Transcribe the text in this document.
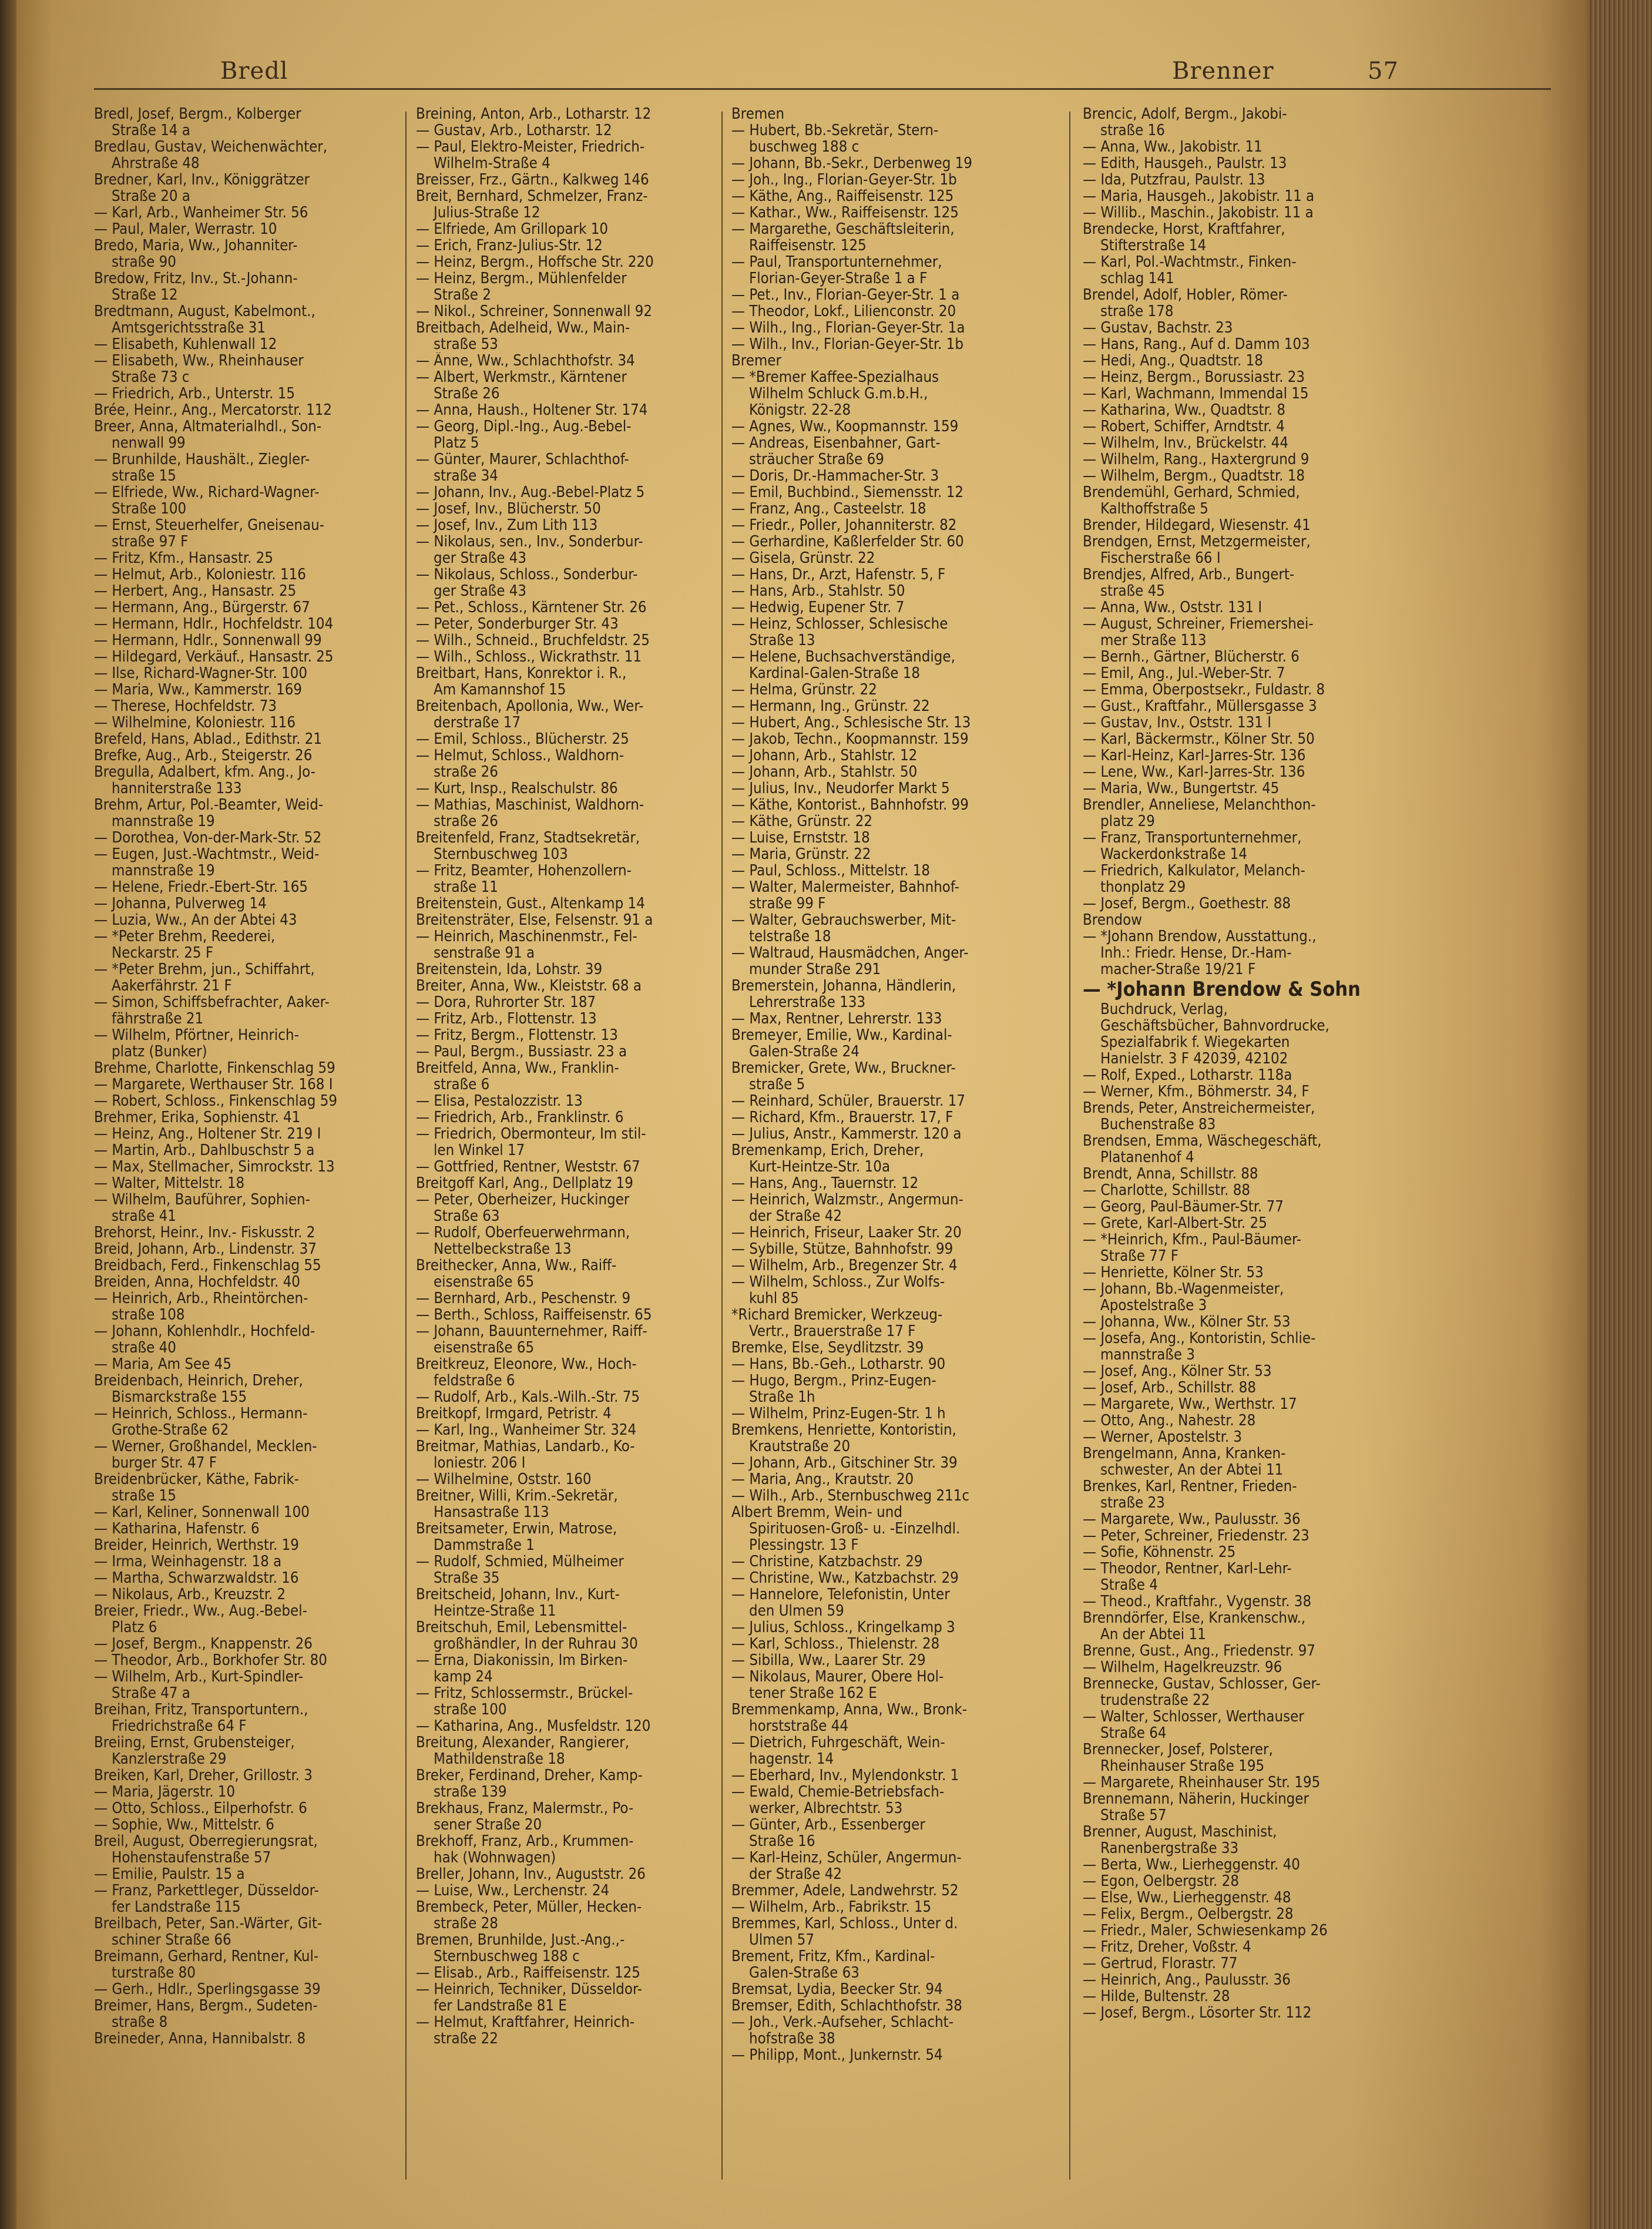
Bredl	Brenner	57
Bredl, Josef, Bergm., Kolberger
Straße 14 a
Bredlau, Gustav, Weichenwächter,
Ahrstraße 48
Bredner, Karl, Inv., Königgrätzer
Straße 20 a
— Karl, Arb., Wanheimer Str. 56
— Paul, Maler, Werrastr. 10
Bredo, Maria, Ww., Johanniter-
straße 90
Bredow, Fritz, Inv., St.-Johann-
Straße 12
Bredtmann, August, Kabelmont.,
Amtsgerichtsstraße 31
— Elisabeth, Kuhlenwall 12
— Elisabeth, Ww., Rheinhauser
Straße 73 c
— Friedrich, Arb., Unterstr. 15
Brée, Heinr., Ang., Mercatorstr. 112
Breer, Anna, Altmaterialhdl., Son-
nenwall 99
— Brunhilde, Haushält., Ziegler-
straße 15
— Elfriede, Ww., Richard-Wagner-
Straße 100
— Ernst, Steuerhelfer, Gneisenau-
straße 97 F
— Fritz, Kfm., Hansastr. 25
— Helmut, Arb., Koloniestr. 116
— Herbert, Ang., Hansastr. 25
— Hermann, Ang., Bürgerstr. 67
— Hermann, Hdlr., Hochfeldstr. 104
— Hermann, Hdlr., Sonnenwall 99
— Hildegard, Verkäuf., Hansastr. 25
— Ilse, Richard-Wagner-Str. 100
— Maria, Ww., Kammerstr. 169
— Therese, Hochfeldstr. 73
— Wilhelmine, Koloniestr. 116
Brefeld, Hans, Ablad., Edithstr. 21
Brefke, Aug., Arb., Steigerstr. 26
Bregulla, Adalbert, kfm. Ang., Jo-
hanniterstraße 133
Brehm, Artur, Pol.-Beamter, Weid-
mannstraße 19
— Dorothea, Von-der-Mark-Str. 52
— Eugen, Just.-Wachtmstr., Weid-
mannstraße 19
— Helene, Friedr.-Ebert-Str. 165
— Johanna, Pulverweg 14
— Luzia, Ww., An der Abtei 43
— *Peter Brehm, Reederei,
Neckarstr. 25 F
— *Peter Brehm, jun., Schiffahrt,
Aakerfährstr. 21 F
— Simon, Schiffsbefrachter, Aaker-
fährstraße 21
— Wilhelm, Pförtner, Heinrich-
platz (Bunker)
Brehme, Charlotte, Finkenschlag 59
— Margarete, Werthauser Str. 168 I
— Robert, Schloss., Finkenschlag 59
Brehmer, Erika, Sophienstr. 41
— Heinz, Ang., Holtener Str. 219 I
— Martin, Arb., Dahlbuschstr 5 a
— Max, Stellmacher, Simrockstr. 13
— Walter, Mittelstr. 18
— Wilhelm, Bauführer, Sophien-
straße 41
Brehorst, Heinr., Inv.- Fiskusstr. 2
Breid, Johann, Arb., Lindenstr. 37
Breidbach, Ferd., Finkenschlag 55
Breiden, Anna, Hochfeldstr. 40
— Heinrich, Arb., Rheintörchen-
straße 108
— Johann, Kohlenhdlr., Hochfeld-
straße 40
— Maria, Am See 45
Breidenbach, Heinrich, Dreher,
Bismarckstraße 155
— Heinrich, Schloss., Hermann-
Grothe-Straße 62
— Werner, Großhandel, Mecklen-
burger Str. 47 F
Breidenbrücker, Käthe, Fabrik-
straße 15
— Karl, Keliner, Sonnenwall 100
— Katharina, Hafenstr. 6
Breider, Heinrich, Werthstr. 19
— Irma, Weinhagenstr. 18 a
— Martha, Schwarzwaldstr. 16
— Nikolaus, Arb., Kreuzstr. 2
Breier, Friedr., Ww., Aug.-Bebel-
Platz 6
— Josef, Bergm., Knappenstr. 26
— Theodor, Arb., Borkhofer Str. 80
— Wilhelm, Arb., Kurt-Spindler-
Straße 47 a
Breihan, Fritz, Transportuntern.,
Friedrichstraße 64 F
Breiing, Ernst, Grubensteiger,
Kanzlerstraße 29
Breiken, Karl, Dreher, Grillostr. 3
— Maria, Jägerstr. 10
— Otto, Schloss., Eilperhofstr. 6
— Sophie, Ww., Mittelstr. 6
Breil, August, Oberregierungsrat,
Hohenstaufenstraße 57
— Emilie, Paulstr. 15 a
— Franz, Parkettleger, Düsseldor-
fer Landstraße 115
Breilbach, Peter, San.-Wärter, Git-
schiner Straße 66
Breimann, Gerhard, Rentner, Kul-
turstraße 80
— Gerh., Hdlr., Sperlingsgasse 39
Breimer, Hans, Bergm., Sudeten-
straße 8
Breineder, Anna, Hannibalstr. 8
Breining, Anton, Arb., Lotharstr. 12
— Gustav, Arb., Lotharstr. 12
— Paul, Elektro-Meister, Friedrich-
Wilhelm-Straße 4
Breisser, Frz., Gärtn., Kalkweg 146
Breit, Bernhard, Schmelzer, Franz-
Julius-Straße 12
— Elfriede, Am Grillopark 10
— Erich, Franz-Julius-Str. 12
— Heinz, Bergm., Hoffsche Str. 220
— Heinz, Bergm., Mühlenfelder
Straße 2
— Nikol., Schreiner, Sonnenwall 92
Breitbach, Adelheid, Ww., Main-
straße 53
— Änne, Ww., Schlachthofstr. 34
— Albert, Werkmstr., Kärntener
Straße 26
— Anna, Haush., Holtener Str. 174
— Georg, Dipl.-Ing., Aug.-Bebel-
Platz 5
— Günter, Maurer, Schlachthof-
straße 34
— Johann, Inv., Aug.-Bebel-Platz 5
— Josef, Inv., Blücherstr. 50
— Josef, Inv., Zum Lith 113
— Nikolaus, sen., Inv., Sonderbur-
ger Straße 43
— Nikolaus, Schloss., Sonderbur-
ger Straße 43
— Pet., Schloss., Kärntener Str. 26
— Peter, Sonderburger Str. 43
— Wilh., Schneid., Bruchfeldstr. 25
— Wilh., Schloss., Wickrathstr. 11
Breitbart, Hans, Konrektor i. R.,
Am Kamannshof 15
Breitenbach, Apollonia, Ww., Wer-
derstraße 17
— Emil, Schloss., Blücherstr. 25
— Helmut, Schloss., Waldhorn-
straße 26
— Kurt, Insp., Realschulstr. 86
— Mathias, Maschinist, Waldhorn-
straße 26
Breitenfeld, Franz, Stadtsekretär,
Sternbuschweg 103
— Fritz, Beamter, Hohenzollern-
straße 11
Breitenstein, Gust., Altenkamp 14
Breitensträter, Else, Felsenstr. 91 a
— Heinrich, Maschinenmstr., Fel-
senstraße 91 a
Breitenstein, Ida, Lohstr. 39
Breiter, Anna, Ww., Kleiststr. 68 a
— Dora, Ruhrorter Str. 187
— Fritz, Arb., Flottenstr. 13
— Fritz, Bergm., Flottenstr. 13
— Paul, Bergm., Bussiastr. 23 a
Breitfeld, Anna, Ww., Franklin-
straße 6
— Elisa, Pestalozzistr. 13
— Friedrich, Arb., Franklinstr. 6
— Friedrich, Obermonteur, Im stil-
len Winkel 17
— Gottfried, Rentner, Weststr. 67
Breitgoff Karl, Ang., Dellplatz 19
— Peter, Oberheizer, Huckinger
Straße 63
— Rudolf, Oberfeuerwehrmann,
Nettelbeckstraße 13
Breithecker, Anna, Ww., Raiff-
eisenstraße 65
— Bernhard, Arb., Peschenstr. 9
— Berth., Schloss, Raiffeisenstr. 65
— Johann, Bauunternehmer, Raiff-
eisenstraße 65
Breitkreuz, Eleonore, Ww., Hoch-
feldstraße 6
— Rudolf, Arb., Kals.-Wilh.-Str. 75
Breitkopf, Irmgard, Petristr. 4
— Karl, Ing., Wanheimer Str. 324
Breitmar, Mathias, Landarb., Ko-
loniestr. 206 I
— Wilhelmine, Oststr. 160
Breitner, Willi, Krim.-Sekretär,
Hansastraße 113
Breitsameter, Erwin, Matrose,
Dammstraße 1
— Rudolf, Schmied, Mülheimer
Straße 35
Breitscheid, Johann, Inv., Kurt-
Heintze-Straße 11
Breitschuh, Emil, Lebensmittel-
großhändler, In der Ruhrau 30
— Erna, Diakonissin, Im Birken-
kamp 24
— Fritz, Schlossermstr., Brückel-
straße 100
— Katharina, Ang., Musfeldstr. 120
Breitung, Alexander, Rangierer,
Mathildenstraße 18
Breker, Ferdinand, Dreher, Kamp-
straße 139
Brekhaus, Franz, Malermstr., Po-
sener Straße 20
Brekhoff, Franz, Arb., Krummen-
hak (Wohnwagen)
Breller, Johann, Inv., Auguststr. 26
— Luise, Ww., Lerchenstr. 24
Brembeck, Peter, Müller, Hecken-
straße 28
Bremen, Brunhilde, Just.-Ang.,-
Sternbuschweg 188 c
— Elisab., Arb., Raiffeisenstr. 125
— Heinrich, Techniker, Düsseldor-
fer Landstraße 81 E
— Helmut, Kraftfahrer, Heinrich-
straße 22
Bremen
— Hubert, Bb.-Sekretär, Stern-
buschweg 188 c
— Johann, Bb.-Sekr., Derbenweg 19
— Joh., Ing., Florian-Geyer-Str. 1b
— Käthe, Ang., Raiffeisenstr. 125
— Kathar., Ww., Raiffeisenstr. 125
— Margarethe, Geschäftsleiterin,
Raiffeisenstr. 125
— Paul, Transportunternehmer,
Florian-Geyer-Straße 1 a F
— Pet., Inv., Florian-Geyer-Str. 1 a
— Theodor, Lokf., Lilienconstr. 20
— Wilh., Ing., Florian-Geyer-Str. 1a
— Wilh., Inv., Florian-Geyer-Str. 1b
Bremer
— *Bremer Kaffee-Spezialhaus
Wilhelm Schluck G.m.b.H.,
Königstr. 22-28
— Agnes, Ww., Koopmannstr. 159
— Andreas, Eisenbahner, Gart-
sträucher Straße 69
— Doris, Dr.-Hammacher-Str. 3
— Emil, Buchbind., Siemensstr. 12
— Franz, Ang., Casteelstr. 18
— Friedr., Poller, Johanniterstr. 82
— Gerhardine, Kaßlerfelder Str. 60
— Gisela, Grünstr. 22
— Hans, Dr., Arzt, Hafenstr. 5, F
— Hans, Arb., Stahlstr. 50
— Hedwig, Eupener Str. 7
— Heinz, Schlosser, Schlesische
Straße 13
— Helene, Buchsachverständige,
Kardinal-Galen-Straße 18
— Helma, Grünstr. 22
— Hermann, Ing., Grünstr. 22
— Hubert, Ang., Schlesische Str. 13
— Jakob, Techn., Koopmannstr. 159
— Johann, Arb., Stahlstr. 12
— Johann, Arb., Stahlstr. 50
— Julius, Inv., Neudorfer Markt 5
— Käthe, Kontorist., Bahnhofstr. 99
— Käthe, Grünstr. 22
— Luise, Ernststr. 18
— Maria, Grünstr. 22
— Paul, Schloss., Mittelstr. 18
— Walter, Malermeister, Bahnhof-
straße 99 F
— Walter, Gebrauchswerber, Mit-
telstraße 18
— Waltraud, Hausmädchen, Anger-
munder Straße 291
Bremerstein, Johanna, Händlerin,
Lehrerstraße 133
— Max, Rentner, Lehrerstr. 133
Bremeyer, Emilie, Ww., Kardinal-
Galen-Straße 24
Bremicker, Grete, Ww., Bruckner-
straße 5
— Reinhard, Schüler, Brauerstr. 17
— Richard, Kfm., Brauerstr. 17, F
— Julius, Anstr., Kammerstr. 120 a
Bremenkamp, Erich, Dreher,
Kurt-Heintze-Str. 10a
— Hans, Ang., Tauernstr. 12
— Heinrich, Walzmstr., Angermun-
der Straße 42
— Heinrich, Friseur, Laaker Str. 20
— Sybille, Stütze, Bahnhofstr. 99
— Wilhelm, Arb., Bregenzer Str. 4
— Wilhelm, Schloss., Zur Wolfs-
kuhl 85
*Richard Bremicker, Werkzeug-
Vertr., Brauerstraße 17 F
Bremke, Else, Seydlitzstr. 39
— Hans, Bb.-Geh., Lotharstr. 90
— Hugo, Bergm., Prinz-Eugen-
Straße 1h
— Wilhelm, Prinz-Eugen-Str. 1 h
Bremkens, Henriette, Kontoristin,
Krautstraße 20
— Johann, Arb., Gitschiner Str. 39
— Maria, Ang., Krautstr. 20
— Wilh., Arb., Sternbuschweg 211c
Albert Bremm, Wein- und
Spirituosen-Groß- u. -Einzelhdl.
Plessingstr. 13 F
— Christine, Katzbachstr. 29
— Christine, Ww., Katzbachstr. 29
— Hannelore, Telefonistin, Unter
den Ulmen 59
— Julius, Schloss., Kringelkamp 3
— Karl, Schloss., Thielenstr. 28
— Sibilla, Ww., Laarer Str. 29
— Nikolaus, Maurer, Obere Hol-
tener Straße 162 E
Bremmenkamp, Anna, Ww., Bronk-
horststraße 44
— Dietrich, Fuhrgeschäft, Wein-
hagenstr. 14
— Eberhard, Inv., Mylendonkstr. 1
— Ewald, Chemie-Betriebsfach-
werker, Albrechtstr. 53
— Günter, Arb., Essenberger
Straße 16
— Karl-Heinz, Schüler, Angermun-
der Straße 42
Bremmer, Adele, Landwehrstr. 52
— Wilhelm, Arb., Fabrikstr. 15
Bremmes, Karl, Schloss., Unter d.
Ulmen 57
Brement, Fritz, Kfm., Kardinal-
Galen-Straße 63
Bremsat, Lydia, Beecker Str. 94
Bremser, Edith, Schlachthofstr. 38
— Joh., Verk.-Aufseher, Schlacht-
hofstraße 38
— Philipp, Mont., Junkernstr. 54
Brencic, Adolf, Bergm., Jakobi-
straße 16
— Anna, Ww., Jakobistr. 11
— Edith, Hausgeh., Paulstr. 13
— Ida, Putzfrau, Paulstr. 13
— Maria, Hausgeh., Jakobistr. 11 a
— Willib., Maschin., Jakobistr. 11 a
Brendecke, Horst, Kraftfahrer,
Stifterstraße 14
— Karl, Pol.-Wachtmstr., Finken-
schlag 141
Brendel, Adolf, Hobler, Römer-
straße 178
— Gustav, Bachstr. 23
— Hans, Rang., Auf d. Damm 103
— Hedi, Ang., Quadtstr. 18
— Heinz, Bergm., Borussiastr. 23
— Karl, Wachmann, Immendal 15
— Katharina, Ww., Quadtstr. 8
— Robert, Schiffer, Arndtstr. 4
— Wilhelm, Inv., Brückelstr. 44
— Wilhelm, Rang., Haxtergrund 9
— Wilhelm, Bergm., Quadtstr. 18
Brendemühl, Gerhard, Schmied,
Kalthoffstraße 5
Brender, Hildegard, Wiesenstr. 41
Brendgen, Ernst, Metzgermeister,
Fischerstraße 66 I
Brendjes, Alfred, Arb., Bungert-
straße 45
— Anna, Ww., Oststr. 131 I
— August, Schreiner, Friemershei-
mer Straße 113
— Bernh., Gärtner, Blücherstr. 6
— Emil, Ang., Jul.-Weber-Str. 7
— Emma, Oberpostsekr., Fuldastr. 8
— Gust., Kraftfahr., Müllersgasse 3
— Gustav, Inv., Oststr. 131 I
— Karl, Bäckermstr., Kölner Str. 50
— Karl-Heinz, Karl-Jarres-Str. 136
— Lene, Ww., Karl-Jarres-Str. 136
— Maria, Ww., Bungertstr. 45
Brendler, Anneliese, Melanchthon-
platz 29
— Franz, Transportunternehmer,
Wackerdonkstraße 14
— Friedrich, Kalkulator, Melanch-
thonplatz 29
— Josef, Bergm., Goethestr. 88
Brendow
— *Johann Brendow, Ausstattung.,
Inh.: Friedr. Hense, Dr.-Ham-
macher-Straße 19/21 F
— *Johann Brendow & Sohn
Buchdruck, Verlag,
Geschäftsbücher, Bahnvordrucke,
Spezialfabrik f. Wiegekarten
Hanielstr. 3 F 42039, 42102
— Rolf, Exped., Lotharstr. 118a
— Werner, Kfm., Böhmerstr. 34, F
Brends, Peter, Anstreichermeister,
Buchenstraße 83
Brendsen, Emma, Wäschegeschäft,
Platanenhof 4
Brendt, Anna, Schillstr. 88
— Charlotte, Schillstr. 88
— Georg, Paul-Bäumer-Str. 77
— Grete, Karl-Albert-Str. 25
— *Heinrich, Kfm., Paul-Bäumer-
Straße 77 F
— Henriette, Kölner Str. 53
— Johann, Bb.-Wagenmeister,
Apostelstraße 3
— Johanna, Ww., Kölner Str. 53
— Josefa, Ang., Kontoristin, Schlie-
mannstraße 3
— Josef, Ang., Kölner Str. 53
— Josef, Arb., Schillstr. 88
— Margarete, Ww., Werthstr. 17
— Otto, Ang., Nahestr. 28
— Werner, Apostelstr. 3
Brengelmann, Anna, Kranken-
schwester, An der Abtei 11
Brenkes, Karl, Rentner, Frieden-
straße 23
— Margarete, Ww., Paulusstr. 36
— Peter, Schreiner, Friedenstr. 23
— Sofie, Köhnenstr. 25
— Theodor, Rentner, Karl-Lehr-
Straße 4
— Theod., Kraftfahr., Vygenstr. 38
Brenndörfer, Else, Krankenschw.,
An der Abtei 11
Brenne, Gust., Ang., Friedenstr. 97
— Wilhelm, Hagelkreuzstr. 96
Brennecke, Gustav, Schlosser, Ger-
trudenstraße 22
— Walter, Schlosser, Werthauser
Straße 64
Brennecker, Josef, Polsterer,
Rheinhauser Straße 195
— Margarete, Rheinhauser Str. 195
Brennemann, Näherin, Huckinger
Straße 57
Brenner, August, Maschinist,
Ranenbergstraße 33
— Berta, Ww., Lierheggenstr. 40
— Egon, Oelbergstr. 28
— Else, Ww., Lierheggenstr. 48
— Felix, Bergm., Oelbergstr. 28
— Friedr., Maler, Schwiesenkamp 26
— Fritz, Dreher, Voßstr. 4
— Gertrud, Florastr. 77
— Heinrich, Ang., Paulusstr. 36
— Hilde, Bultenstr. 28
— Josef, Bergm., Lösorter Str. 112
